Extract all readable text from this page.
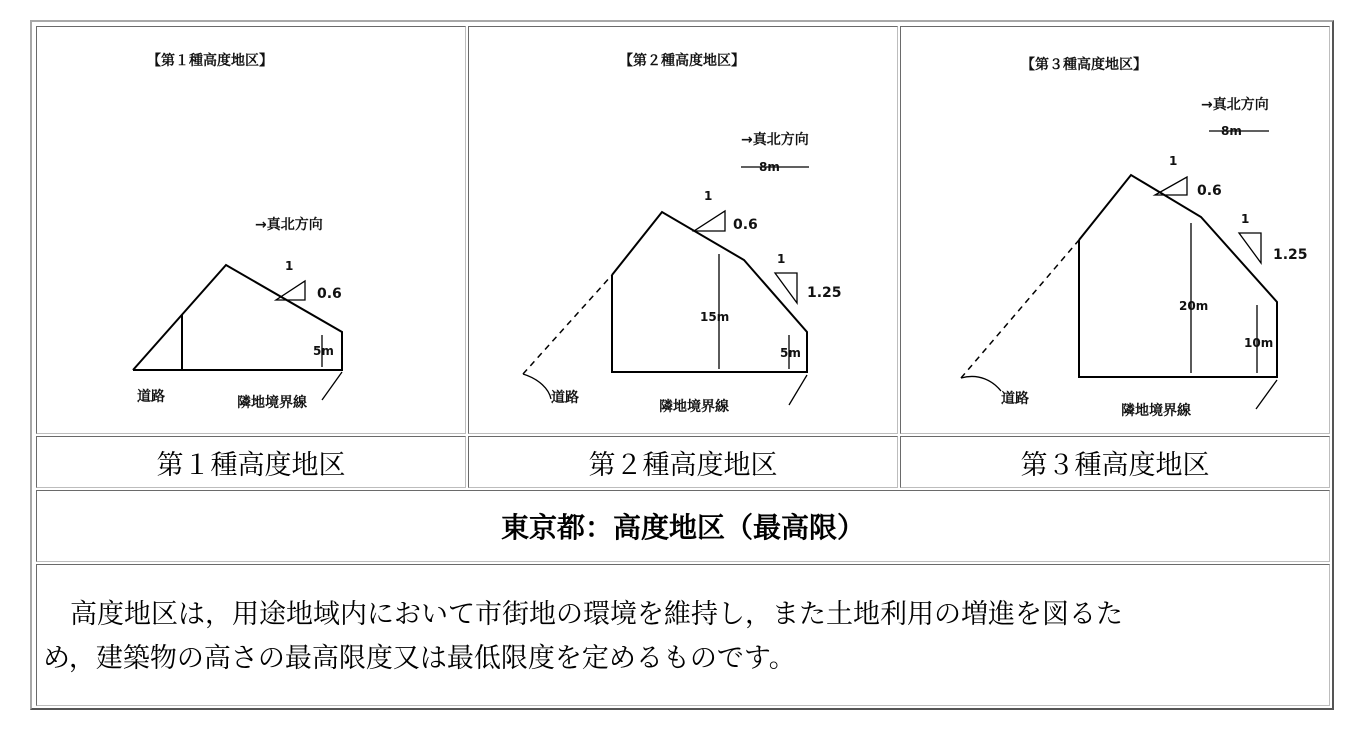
【第１種高度地区】
→真北方向
1
0.6
5m
道路	隣地境界線
【第２種高度地区】
→真北方向
8m
1
0.6
1
1.25
15m
5m
道路
隣地境界線
【第３種高度地区】
→真北方向
8m
1
0.6
1
1.25
20m
10m
道路
隣地境界線
第１種高度地区	第２種高度地区	第３種高度地区
東京都：高度地区（最高限）
　高度地区は，用途地域内において市街地の環境を維持し，また土地利用の増進を図るた
め，建築物の高さの最高限度又は最低限度を定めるものです。
